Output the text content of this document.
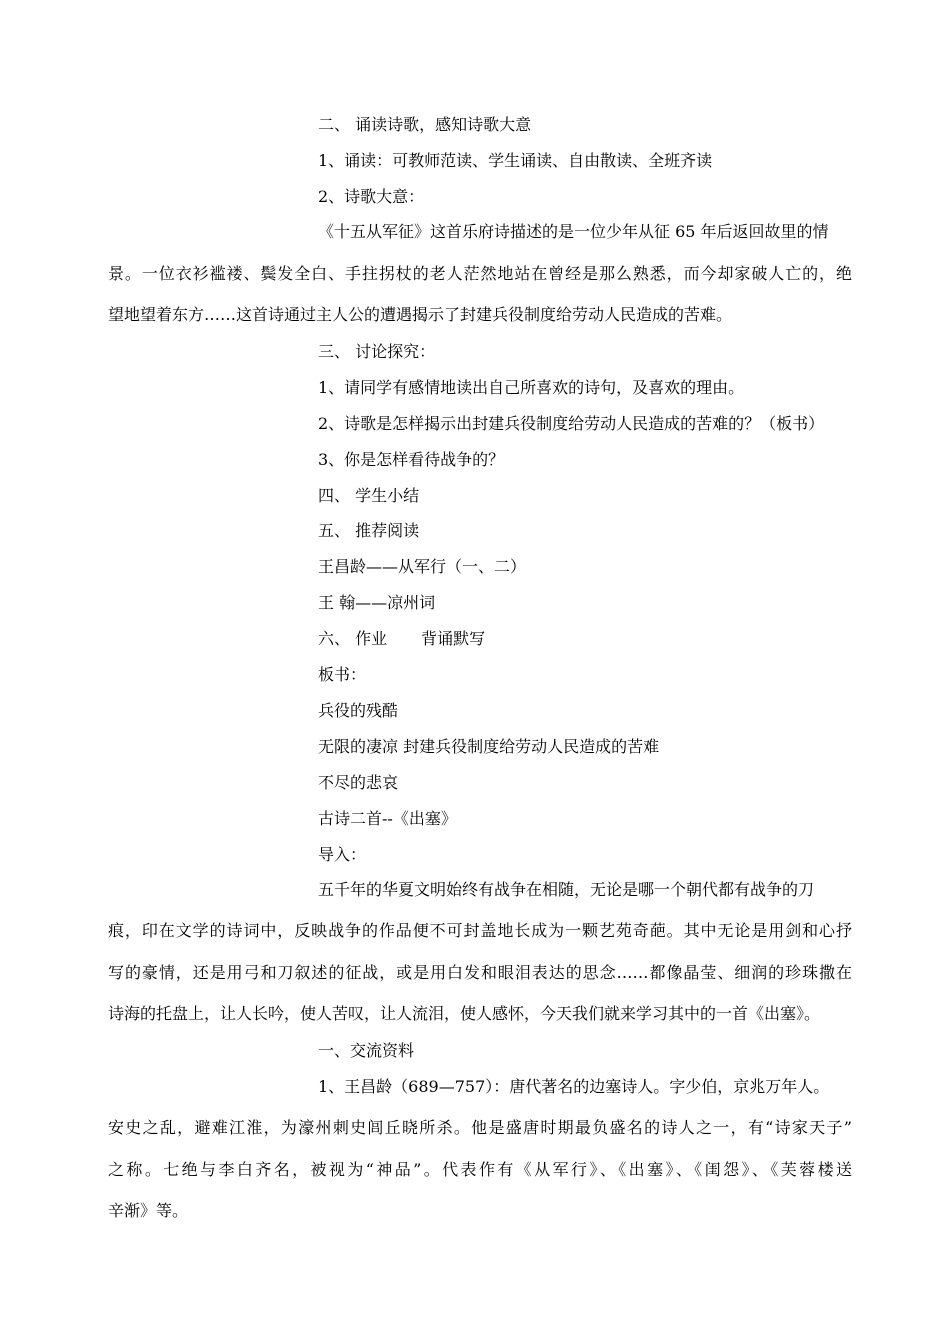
二、 诵读诗歌，感知诗歌大意
1、诵读：可教师范读、学生诵读、自由散读、全班齐读
2、诗歌大意：
《十五从军征》这首乐府诗描述的是一位少年从征 65 年后返回故里的情
景。一位衣衫褴褛、鬓发全白、手拄拐杖的老人茫然地站在曾经是那么熟悉，而今却家破人亡的，绝
望地望着东方……这首诗通过主人公的遭遇揭示了封建兵役制度给劳动人民造成的苦难。
三、 讨论探究：
1、请同学有感情地读出自己所喜欢的诗句，及喜欢的理由。
2、诗歌是怎样揭示出封建兵役制度给劳动人民造成的苦难的？（板书）
3、你是怎样看待战争的？
四、 学生小结
五、 推荐阅读
王昌龄——从军行（一、二）
王 翰——凉州词
六、 作业 背诵默写
板书：
兵役的残酷
无限的凄凉 封建兵役制度给劳动人民造成的苦难
不尽的悲哀
古诗二首--《出塞》
导入：
五千年的华夏文明始终有战争在相随，无论是哪一个朝代都有战争的刀
痕，印在文学的诗词中，反映战争的作品便不可封盖地长成为一颗艺苑奇葩。其中无论是用剑和心抒
写的豪情，还是用弓和刀叙述的征战，或是用白发和眼泪表达的思念……都像晶莹、细润的珍珠撒在
诗海的托盘上，让人长吟，使人苦叹，让人流泪，使人感怀，今天我们就来学习其中的一首《出塞》。
一、交流资料
1、王昌龄（689—757）：唐代著名的边塞诗人。字少伯，京兆万年人。
安史之乱，避难江淮，为濠州刺史闾丘晓所杀。他是盛唐时期最负盛名的诗人之一，有“诗家天子”
之称。七绝与李白齐名，被视为“神品”。代表作有《从军行》、《出塞》、《闺怨》、《芙蓉楼送
辛渐》等。
